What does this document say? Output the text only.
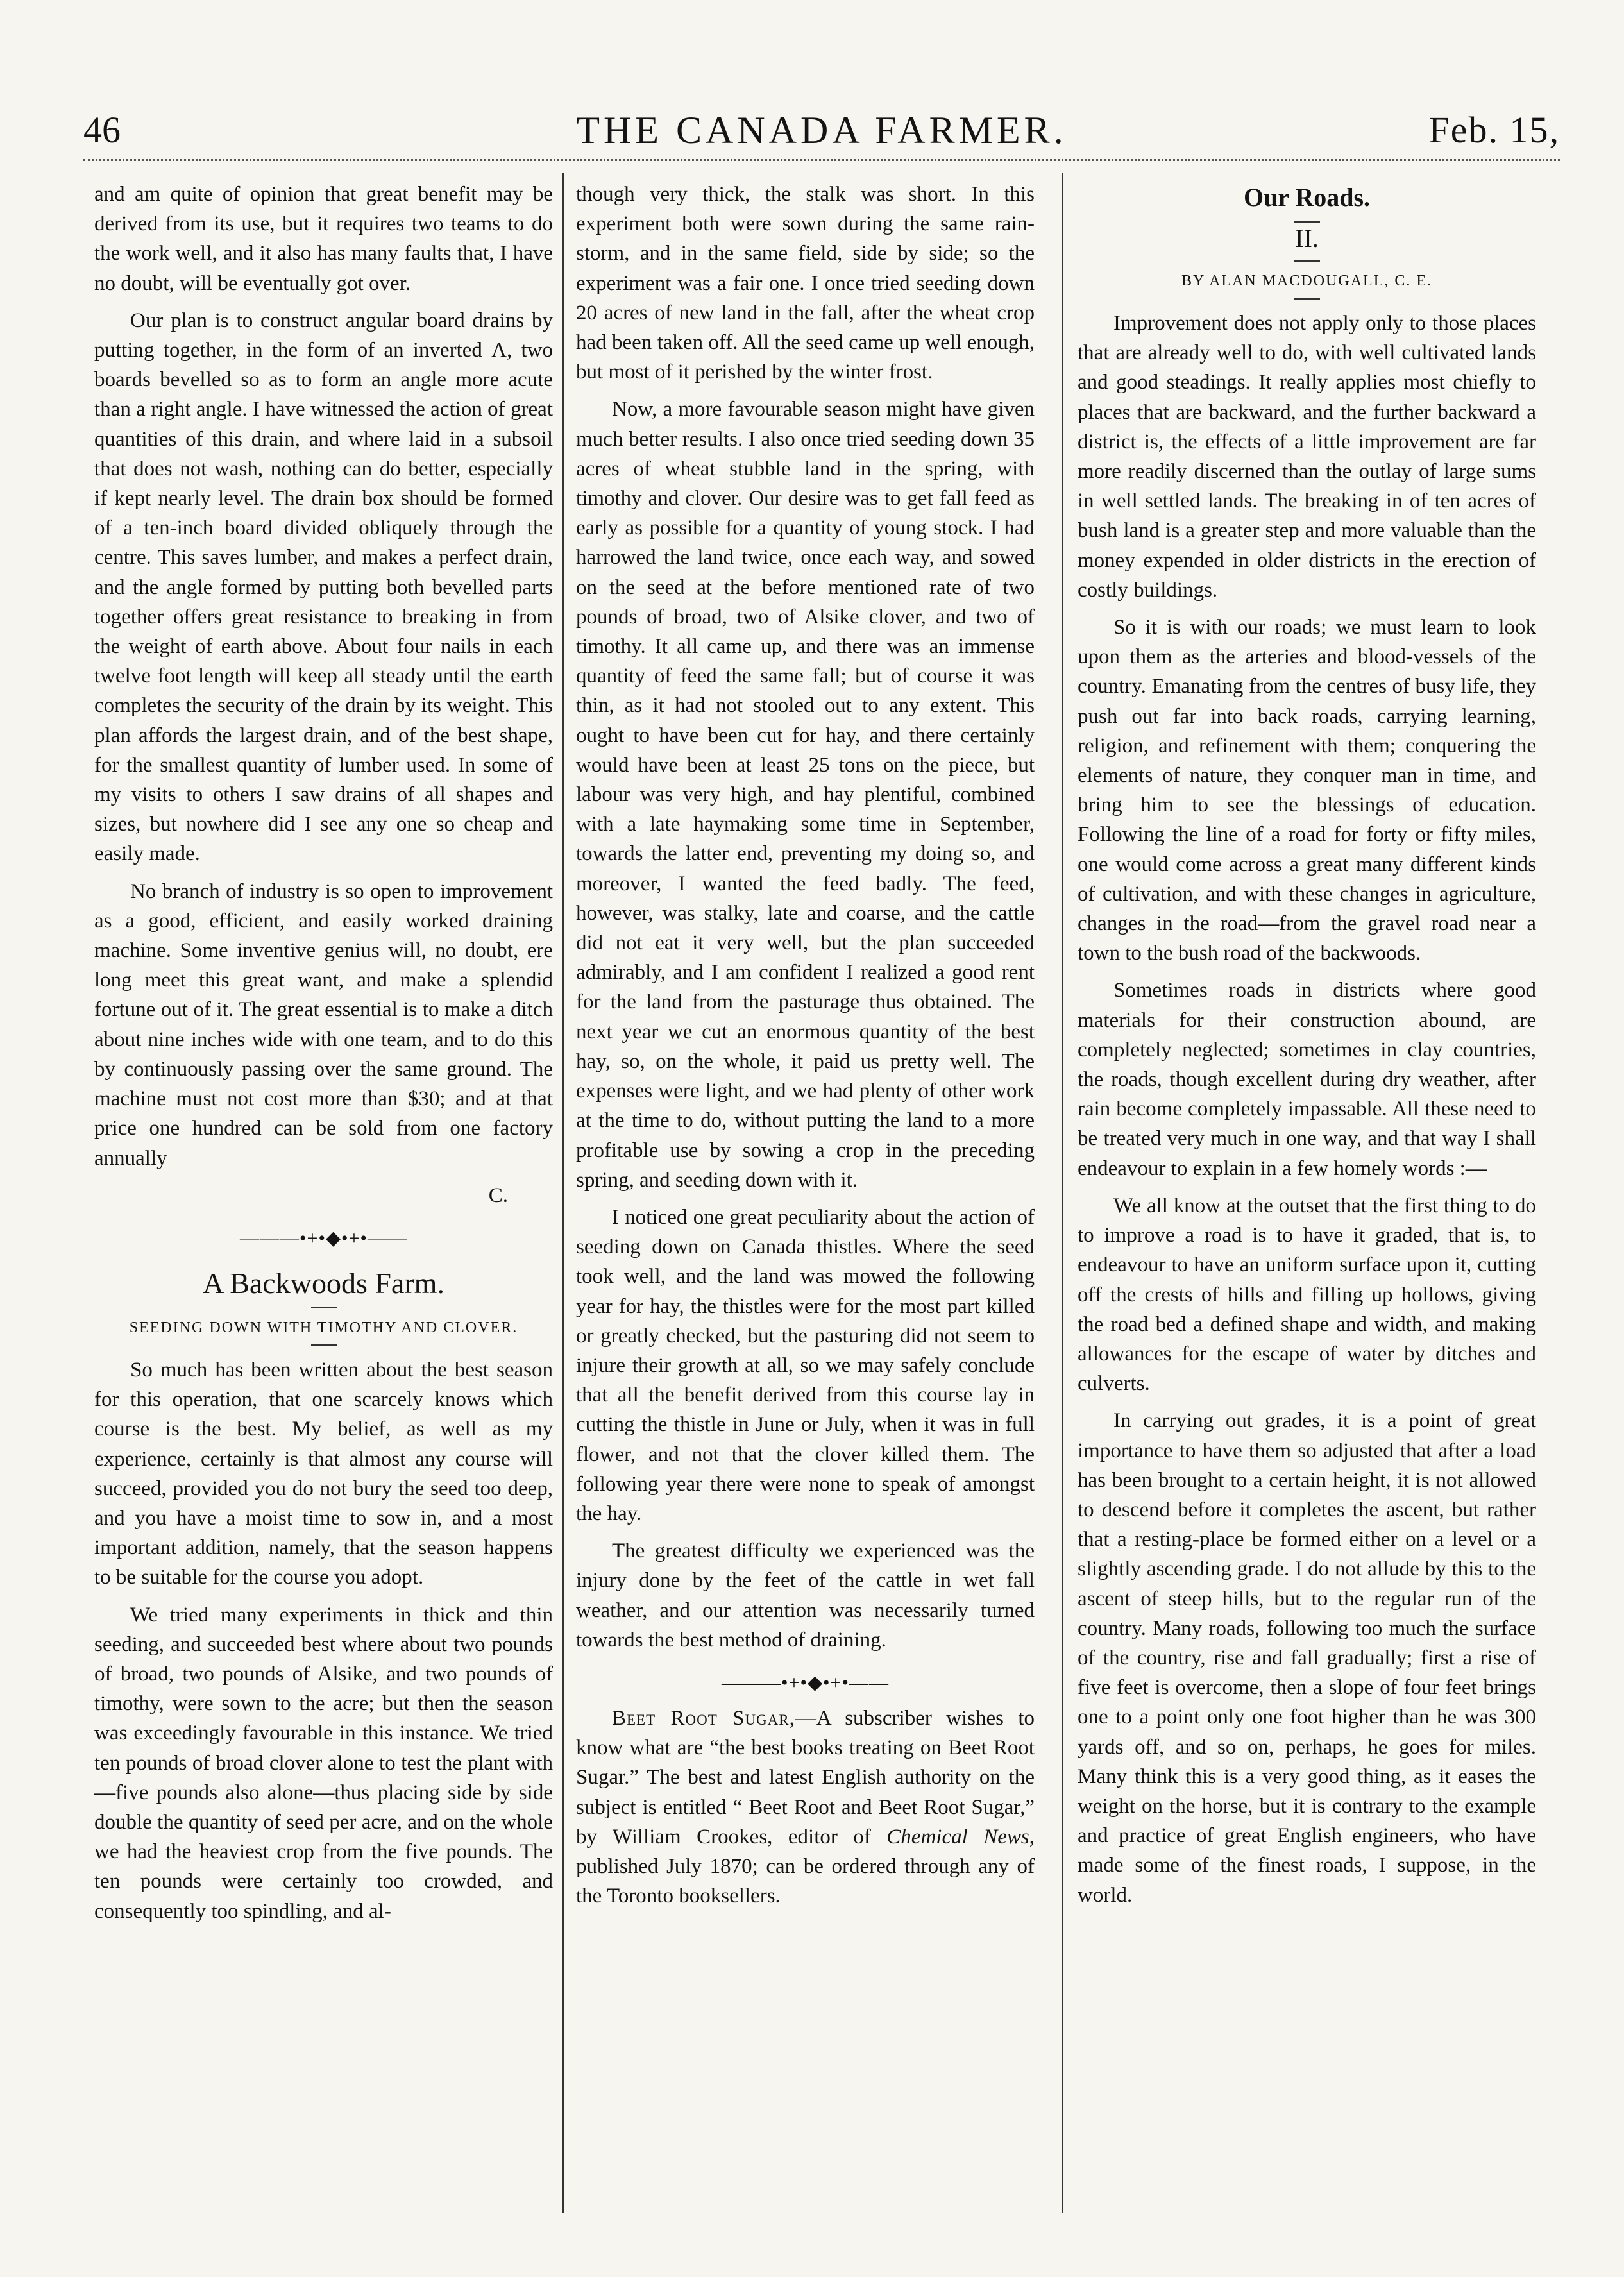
46	THE CANADA FARMER.	Feb. 15,

and am quite of opinion that great benefit may be derived from its use, but it requires two teams to do the work well, and it also has many faults that, I have no doubt, will be eventually got over.

Our plan is to construct angular board drains by putting together, in the form of an inverted Λ, two boards bevelled so as to form an angle more acute than a right angle. I have witnessed the action of great quantities of this drain, and where laid in a subsoil that does not wash, nothing can do better, especially if kept nearly level. The drain box should be formed of a ten-inch board divided obliquely through the centre. This saves lumber, and makes a perfect drain, and the angle formed by putting both bevelled parts together offers great resistance to breaking in from the weight of earth above. About four nails in each twelve foot length will keep all steady until the earth completes the security of the drain by its weight. This plan affords the largest drain, and of the best shape, for the smallest quantity of lumber used. In some of my visits to others I saw drains of all shapes and sizes, but nowhere did I see any one so cheap and easily made.

No branch of industry is so open to improvement as a good, efficient, and easily worked draining machine. Some inventive genius will, no doubt, ere long meet this great want, and make a splendid fortune out of it. The great essential is to make a ditch about nine inches wide with one team, and to do this by continuously passing over the same ground. The machine must not cost more than $30; and at that price one hundred can be sold from one factory annually

C.

———•+•◆•+•——
A Backwoods Farm.
SEEDING DOWN WITH TIMOTHY AND CLOVER.

So much has been written about the best season for this operation, that one scarcely knows which course is the best. My belief, as well as my experience, certainly is that almost any course will succeed, provided you do not bury the seed too deep, and you have a moist time to sow in, and a most important addition, namely, that the season happens to be suitable for the course you adopt.

We tried many experiments in thick and thin seeding, and succeeded best where about two pounds of broad, two pounds of Alsike, and two pounds of timothy, were sown to the acre; but then the season was exceedingly favourable in this instance. We tried ten pounds of broad clover alone to test the plant with—five pounds also alone—thus placing side by side double the quantity of seed per acre, and on the whole we had the heaviest crop from the five pounds. The ten pounds were certainly too crowded, and consequently too spindling, and al-

though very thick, the stalk was short. In this experiment both were sown during the same rain-storm, and in the same field, side by side; so the experiment was a fair one. I once tried seeding down 20 acres of new land in the fall, after the wheat crop had been taken off. All the seed came up well enough, but most of it perished by the winter frost.

Now, a more favourable season might have given much better results. I also once tried seeding down 35 acres of wheat stubble land in the spring, with timothy and clover. Our desire was to get fall feed as early as possible for a quantity of young stock. I had harrowed the land twice, once each way, and sowed on the seed at the before mentioned rate of two pounds of broad, two of Alsike clover, and two of timothy. It all came up, and there was an immense quantity of feed the same fall; but of course it was thin, as it had not stooled out to any extent. This ought to have been cut for hay, and there certainly would have been at least 25 tons on the piece, but labour was very high, and hay plentiful, combined with a late haymaking some time in September, towards the latter end, preventing my doing so, and moreover, I wanted the feed badly. The feed, however, was stalky, late and coarse, and the cattle did not eat it very well, but the plan succeeded admirably, and I am confident I realized a good rent for the land from the pasturage thus obtained. The next year we cut an enormous quantity of the best hay, so, on the whole, it paid us pretty well. The expenses were light, and we had plenty of other work at the time to do, without putting the land to a more profitable use by sowing a crop in the preceding spring, and seeding down with it.

I noticed one great peculiarity about the action of seeding down on Canada thistles. Where the seed took well, and the land was mowed the following year for hay, the thistles were for the most part killed or greatly checked, but the pasturing did not seem to injure their growth at all, so we may safely conclude that all the benefit derived from this course lay in cutting the thistle in June or July, when it was in full flower, and not that the clover killed them. The following year there were none to speak of amongst the hay.

The greatest difficulty we experienced was the injury done by the feet of the cattle in wet fall weather, and our attention was necessarily turned towards the best method of draining.

———•+•◆•+•——

Beet Root Sugar,—A subscriber wishes to know what are “the best books treating on Beet Root Sugar.” The best and latest English authority on the subject is entitled “ Beet Root and Beet Root Sugar,” by William Crookes, editor of Chemical News, published July 1870; can be ordered through any of the Toronto booksellers.

Our Roads.
II.
BY ALAN MACDOUGALL, C. E.

Improvement does not apply only to those places that are already well to do, with well cultivated lands and good steadings. It really applies most chiefly to places that are backward, and the further backward a district is, the effects of a little improvement are far more readily discerned than the outlay of large sums in well settled lands. The breaking in of ten acres of bush land is a greater step and more valuable than the money expended in older districts in the erection of costly buildings.

So it is with our roads; we must learn to look upon them as the arteries and blood-vessels of the country. Emanating from the centres of busy life, they push out far into back roads, carrying learning, religion, and refinement with them; conquering the elements of nature, they conquer man in time, and bring him to see the blessings of education. Following the line of a road for forty or fifty miles, one would come across a great many different kinds of cultivation, and with these changes in agriculture, changes in the road—from the gravel road near a town to the bush road of the backwoods.

Sometimes roads in districts where good materials for their construction abound, are completely neglected; sometimes in clay countries, the roads, though excellent during dry weather, after rain become completely impassable. All these need to be treated very much in one way, and that way I shall endeavour to explain in a few homely words :—

We all know at the outset that the first thing to do to improve a road is to have it graded, that is, to endeavour to have an uniform surface upon it, cutting off the crests of hills and filling up hollows, giving the road bed a defined shape and width, and making allowances for the escape of water by ditches and culverts.

In carrying out grades, it is a point of great importance to have them so adjusted that after a load has been brought to a certain height, it is not allowed to descend before it completes the ascent, but rather that a resting-place be formed either on a level or a slightly ascending grade. I do not allude by this to the ascent of steep hills, but to the regular run of the country. Many roads, following too much the surface of the country, rise and fall gradually; first a rise of five feet is overcome, then a slope of four feet brings one to a point only one foot higher than he was 300 yards off, and so on, perhaps, he goes for miles. Many think this is a very good thing, as it eases the weight on the horse, but it is contrary to the example and practice of great English engineers, who have made some of the finest roads, I suppose, in the world.
